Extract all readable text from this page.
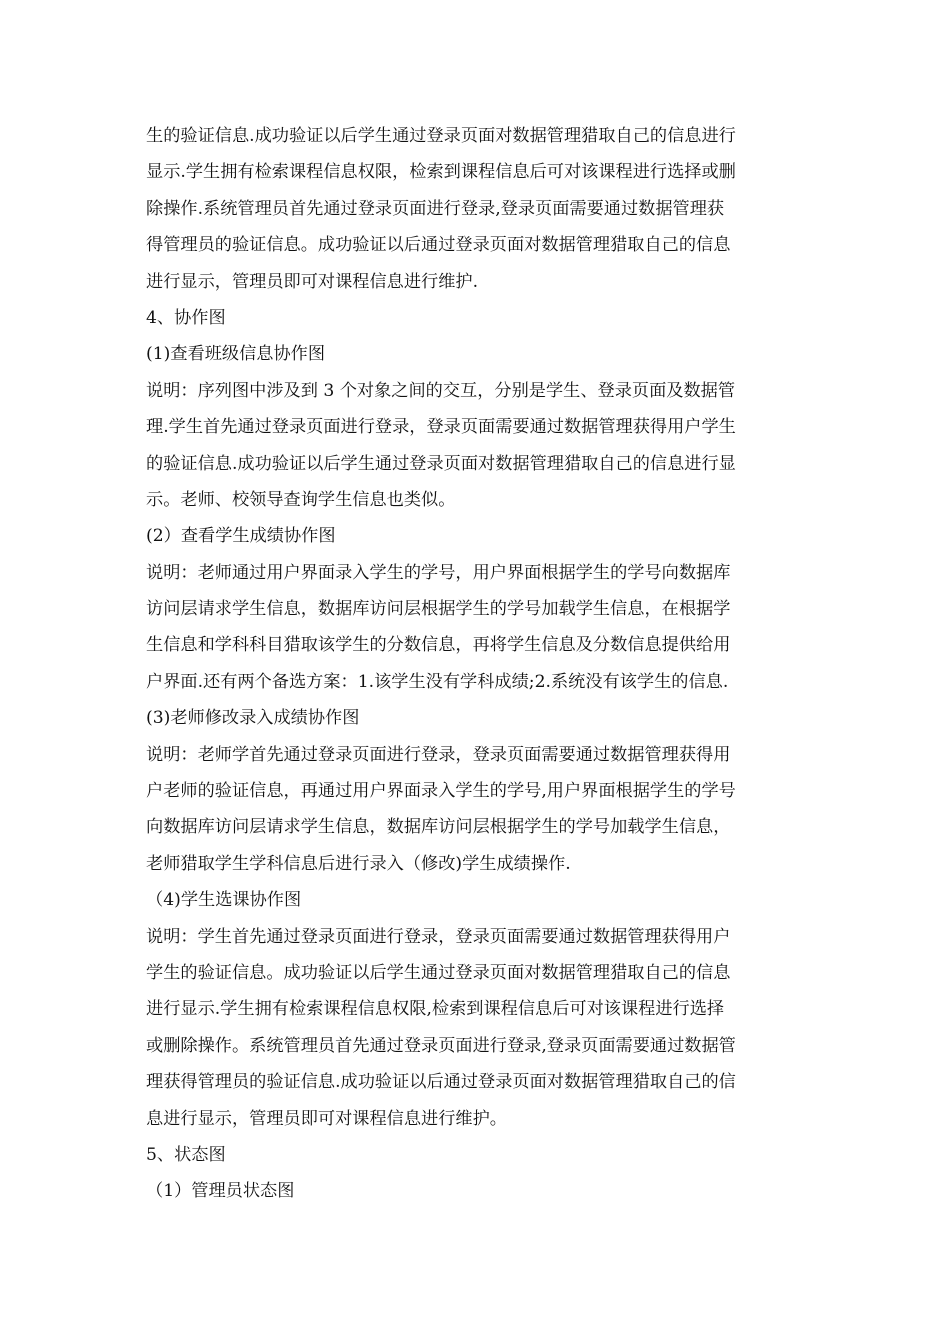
生的验证信息.成功验证以后学生通过登录页面对数据管理猎取自己的信息进行
显示.学生拥有检索课程信息权限，检索到课程信息后可对该课程进行选择或删
除操作.系统管理员首先通过登录页面进行登录,登录页面需要通过数据管理获
得管理员的验证信息。成功验证以后通过登录页面对数据管理猎取自己的信息
进行显示，管理员即可对课程信息进行维护.
4、协作图
(1)查看班级信息协作图
说明：序列图中涉及到 3 个对象之间的交互，分别是学生、登录页面及数据管
理.学生首先通过登录页面进行登录，登录页面需要通过数据管理获得用户学生
的验证信息.成功验证以后学生通过登录页面对数据管理猎取自己的信息进行显
示。老师、校领导查询学生信息也类似。
(2）查看学生成绩协作图
说明：老师通过用户界面录入学生的学号，用户界面根据学生的学号向数据库
访问层请求学生信息，数据库访问层根据学生的学号加载学生信息，在根据学
生信息和学科科目猎取该学生的分数信息，再将学生信息及分数信息提供给用
户界面.还有两个备选方案：1.该学生没有学科成绩;2.系统没有该学生的信息.
(3)老师修改录入成绩协作图
说明：老师学首先通过登录页面进行登录，登录页面需要通过数据管理获得用
户老师的验证信息，再通过用户界面录入学生的学号,用户界面根据学生的学号
向数据库访问层请求学生信息，数据库访问层根据学生的学号加载学生信息，
老师猎取学生学科信息后进行录入（修改)学生成绩操作.
（4)学生选课协作图
说明：学生首先通过登录页面进行登录，登录页面需要通过数据管理获得用户
学生的验证信息。成功验证以后学生通过登录页面对数据管理猎取自己的信息
进行显示.学生拥有检索课程信息权限,检索到课程信息后可对该课程进行选择
或删除操作。系统管理员首先通过登录页面进行登录,登录页面需要通过数据管
理获得管理员的验证信息.成功验证以后通过登录页面对数据管理猎取自己的信
息进行显示，管理员即可对课程信息进行维护。
5、状态图
（1）管理员状态图
